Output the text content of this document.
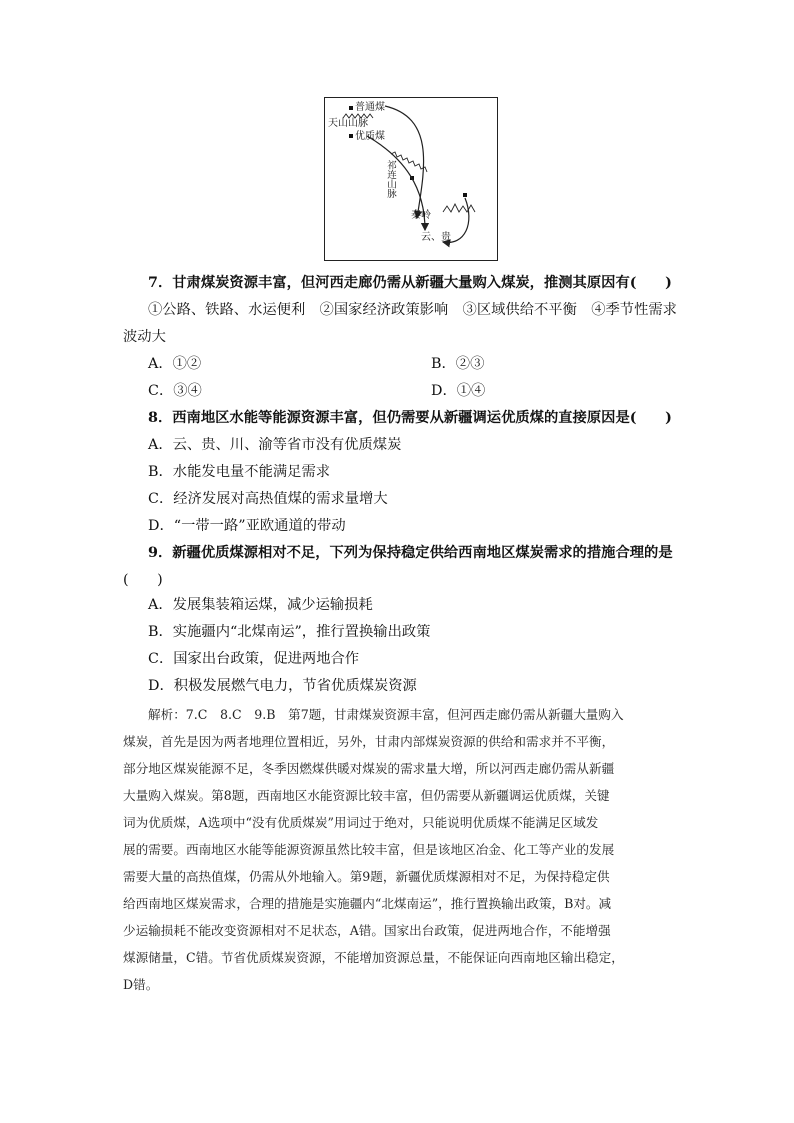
普通煤
天山山脉
优质煤
祁连山脉
秦岭
云、贵
7．甘肃煤炭资源丰富，但河西走廊仍需从新疆大量购入煤炭，推测其原因有(　　)
①公路、铁路、水运便利　②国家经济政策影响　③区域供给不平衡　④季节性需求
波动大
A．①②	B．②③
C．③④	D．①④
8．西南地区水能等能源资源丰富，但仍需要从新疆调运优质煤的直接原因是(　　)
A．云、贵、川、渝等省市没有优质煤炭
B．水能发电量不能满足需求
C．经济发展对高热值煤的需求量增大
D．“一带一路”亚欧通道的带动
9．新疆优质煤源相对不足，下列为保持稳定供给西南地区煤炭需求的措施合理的是
(　　)
A．发展集装箱运煤，减少运输损耗
B．实施疆内“北煤南运”，推行置换输出政策
C．国家出台政策，促进两地合作
D．积极发展燃气电力，节省优质煤炭资源
解析：7.C　8.C　9.B　第7题，甘肃煤炭资源丰富，但河西走廊仍需从新疆大量购入
煤炭，首先是因为两者地理位置相近，另外，甘肃内部煤炭资源的供给和需求并不平衡，
部分地区煤炭能源不足，冬季因燃煤供暖对煤炭的需求量大增，所以河西走廊仍需从新疆
大量购入煤炭。第8题，西南地区水能资源比较丰富，但仍需要从新疆调运优质煤，关键
词为优质煤，A选项中“没有优质煤炭”用词过于绝对，只能说明优质煤不能满足区域发
展的需要。西南地区水能等能源资源虽然比较丰富，但是该地区冶金、化工等产业的发展
需要大量的高热值煤，仍需从外地输入。第9题，新疆优质煤源相对不足，为保持稳定供
给西南地区煤炭需求，合理的措施是实施疆内“北煤南运”，推行置换输出政策，B对。减
少运输损耗不能改变资源相对不足状态，A错。国家出台政策，促进两地合作，不能增强
煤源储量，C错。节省优质煤炭资源，不能增加资源总量，不能保证向西南地区输出稳定，
D错。
